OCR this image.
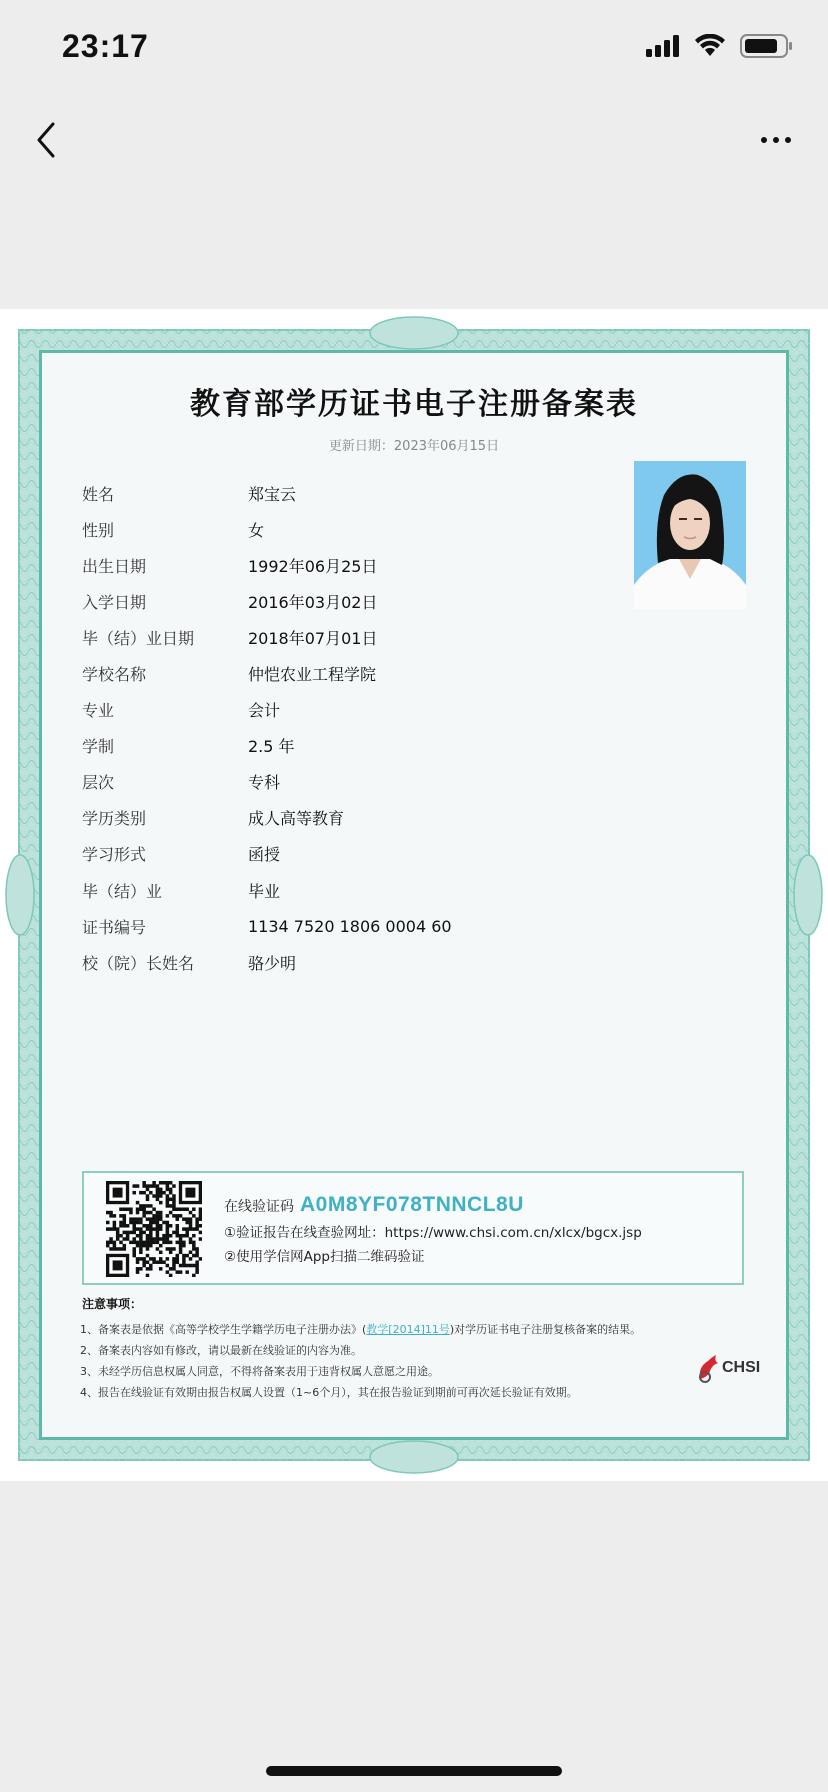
23:17
教育部学历证书电子注册备案表
更新日期：2023年06月15日
姓名	郑宝云
性别	女
出生日期	1992年06月25日
入学日期	2016年03月02日
毕（结）业日期	2018年07月01日
学校名称	仲恺农业工程学院
专业	会计
学制	2.5 年
层次	专科
学历类别	成人高等教育
学习形式	函授
毕（结）业	毕业
证书编号	1134 7520 1806 0004 60
校（院）长姓名	骆少明
在线验证码 A0M8YF078TNNCL8U
①验证报告在线查验网址：https://www.chsi.com.cn/xlcx/bgcx.jsp
②使用学信网App扫描二维码验证
注意事项：
1、备案表是依据《高等学校学生学籍学历电子注册办法》(教学[2014]11号)对学历证书电子注册复核备案的结果。
2、备案表内容如有修改，请以最新在线验证的内容为准。
3、未经学历信息权属人同意，不得将备案表用于违背权属人意愿之用途。
4、报告在线验证有效期由报告权属人设置（1~6个月），其在报告验证到期前可再次延长验证有效期。
CHSI
